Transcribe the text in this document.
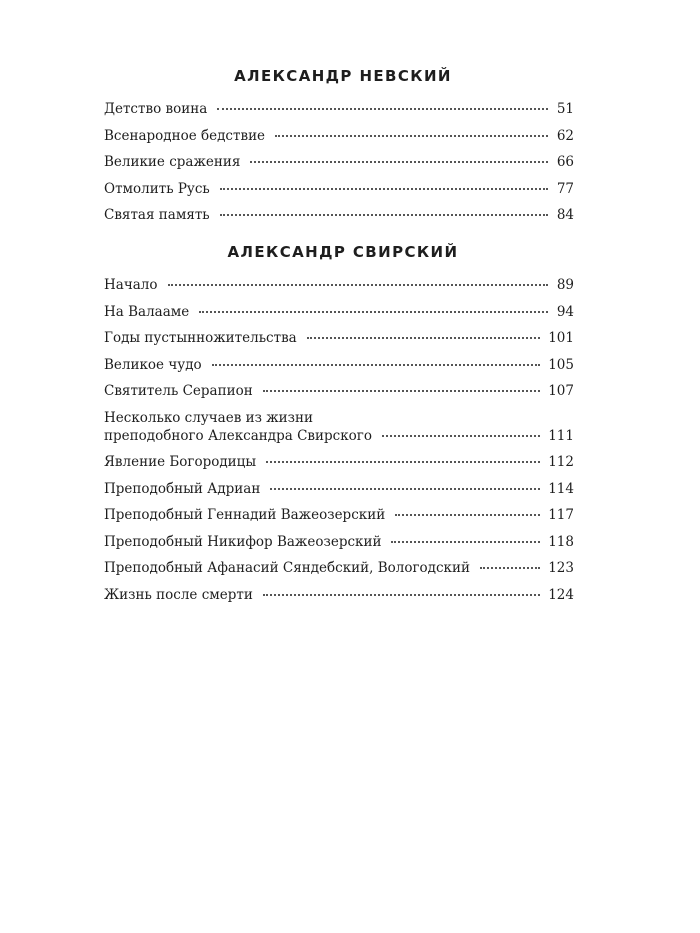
АЛЕКСАНДР НЕВСКИЙ
Детство воина	51
Всенародное бедствие	62
Великие сражения	66
Отмолить Русь	77
Святая память	84
АЛЕКСАНДР СВИРСКИЙ
Начало	89
На Валааме	94
Годы пустынножительства	101
Великое чудо	105
Святитель Серапион	107
Несколько случаев из жизни
преподобного Александра Свирского	111
Явление Богородицы	112
Преподобный Адриан	114
Преподобный Геннадий Важеозерский	117
Преподобный Никифор Важеозерский	118
Преподобный Афанасий Сяндебский, Вологодский	123
Жизнь после смерти	124
